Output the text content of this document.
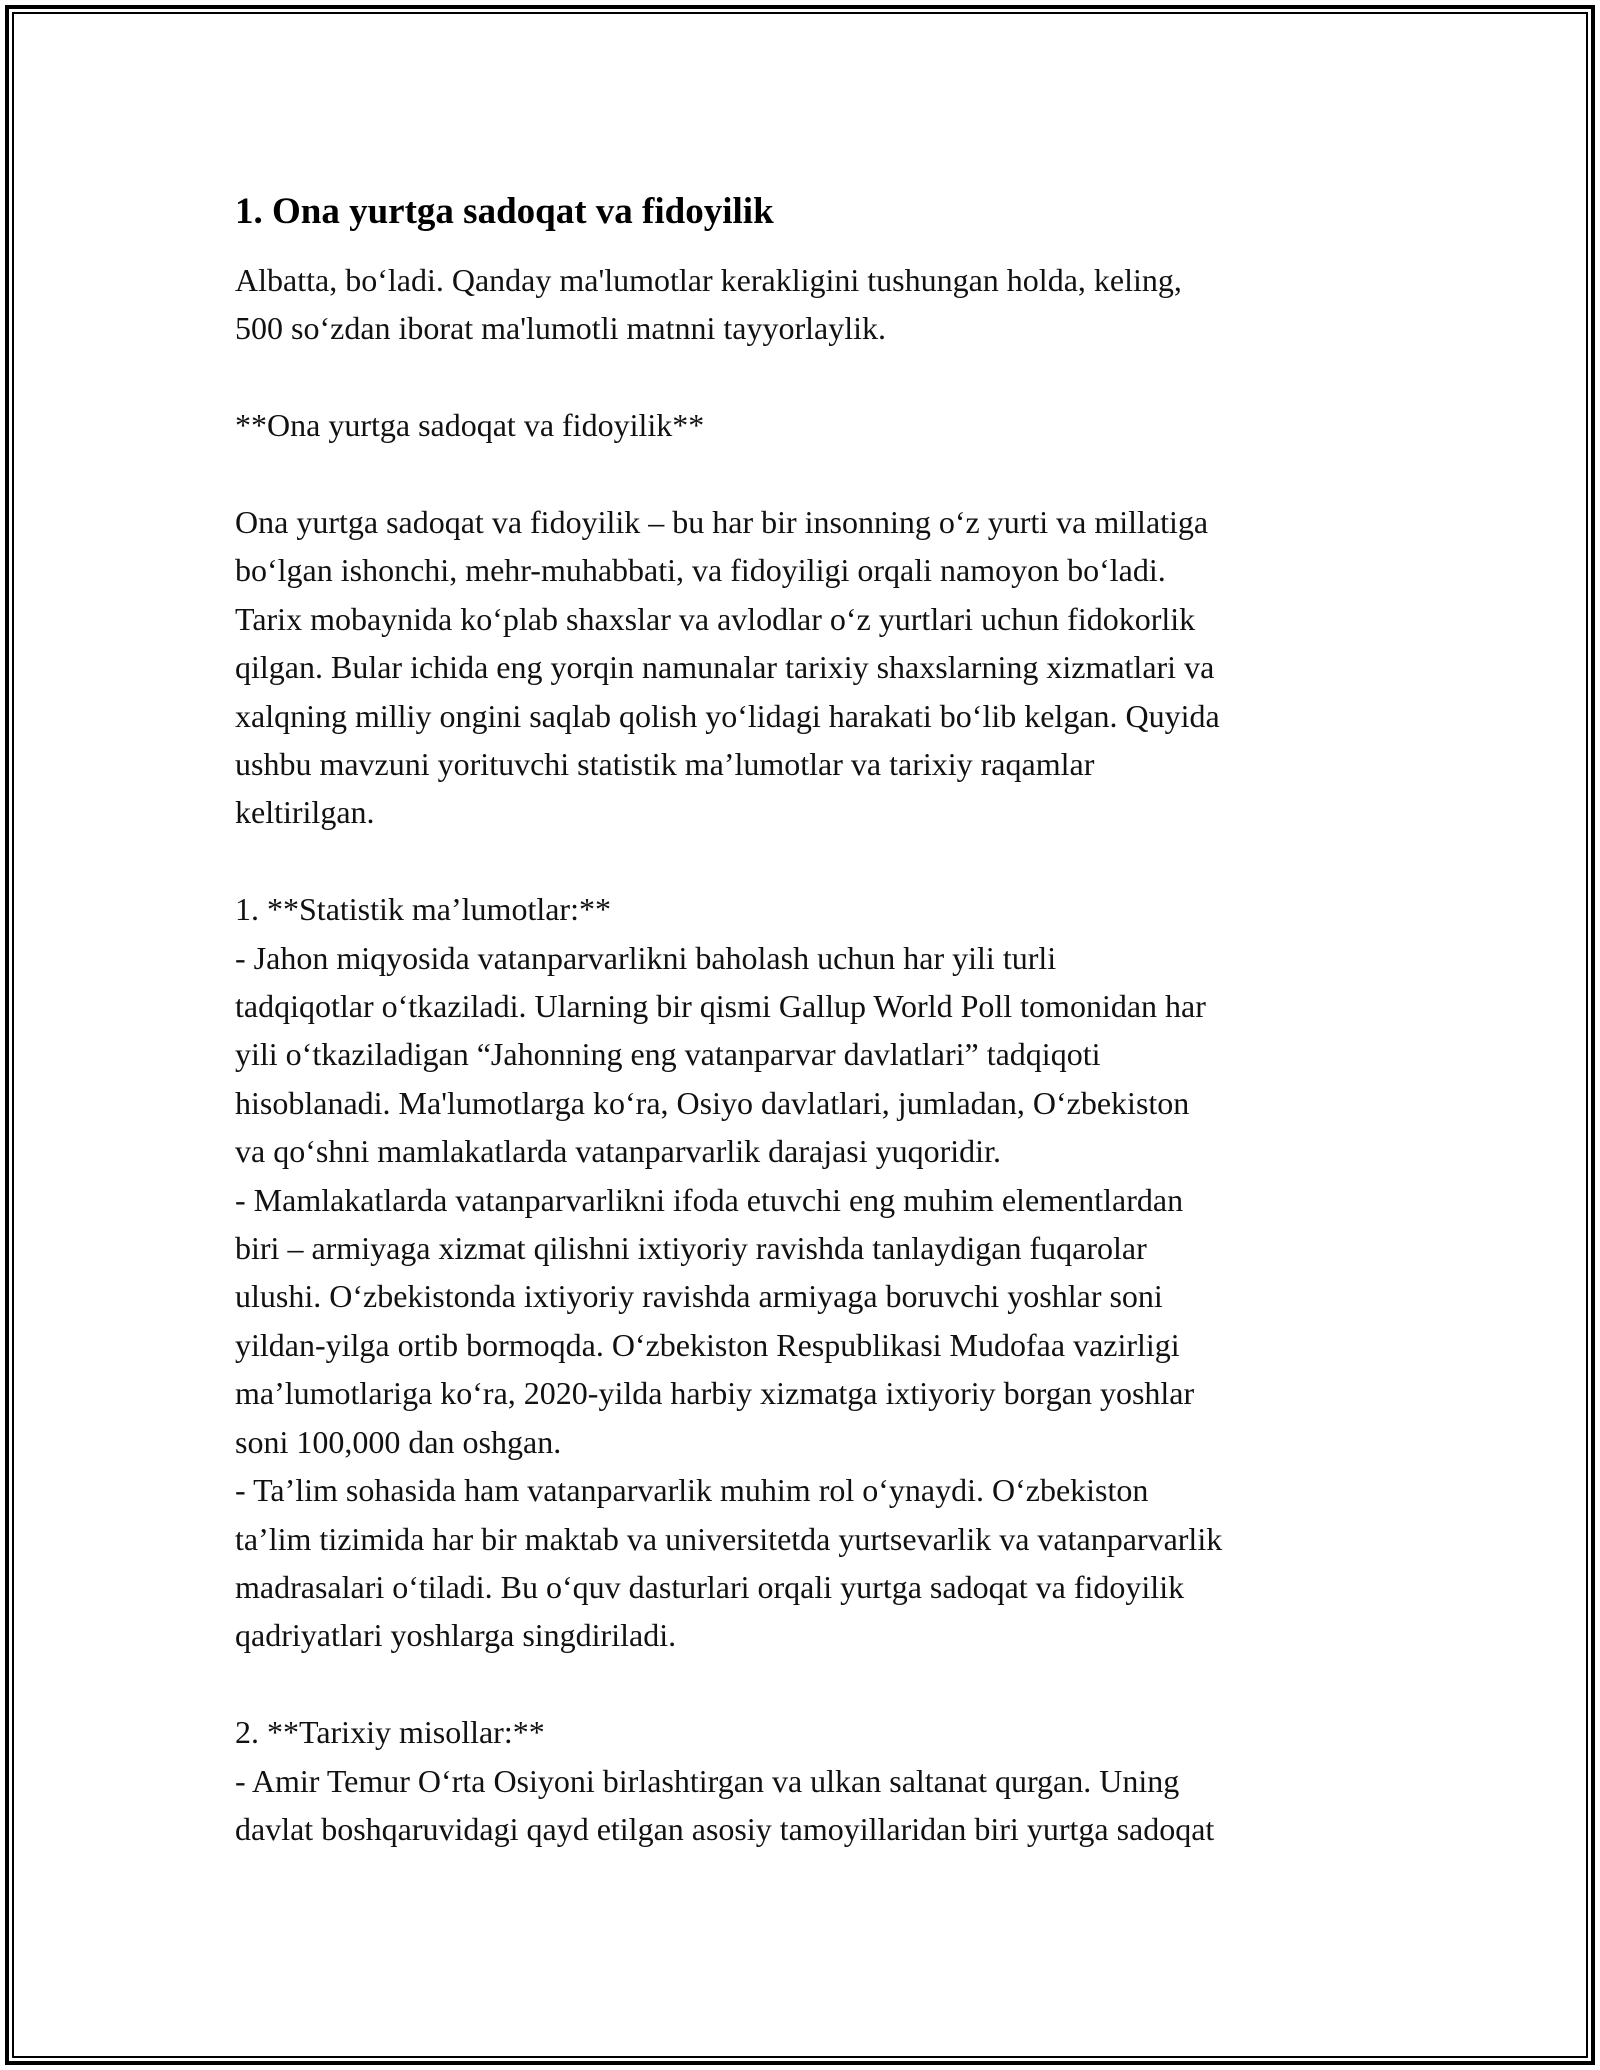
1. Ona yurtga sadoqat va fidoyilik

Albatta, bo‘ladi. Qanday ma'lumotlar kerakligini tushungan holda, keling,
500 so‘zdan iborat ma'lumotli matnni tayyorlaylik.

**Ona yurtga sadoqat va fidoyilik**

Ona yurtga sadoqat va fidoyilik – bu har bir insonning o‘z yurti va millatiga
bo‘lgan ishonchi, mehr-muhabbati, va fidoyiligi orqali namoyon bo‘ladi.
Tarix mobaynida ko‘plab shaxslar va avlodlar o‘z yurtlari uchun fidokorlik
qilgan. Bular ichida eng yorqin namunalar tarixiy shaxslarning xizmatlari va
xalqning milliy ongini saqlab qolish yo‘lidagi harakati bo‘lib kelgan. Quyida
ushbu mavzuni yorituvchi statistik ma’lumotlar va tarixiy raqamlar
keltirilgan.

1. **Statistik ma’lumotlar:**
- Jahon miqyosida vatanparvarlikni baholash uchun har yili turli
tadqiqotlar o‘tkaziladi. Ularning bir qismi Gallup World Poll tomonidan har
yili o‘tkaziladigan “Jahonning eng vatanparvar davlatlari” tadqiqoti
hisoblanadi. Ma'lumotlarga ko‘ra, Osiyo davlatlari, jumladan, O‘zbekiston
va qo‘shni mamlakatlarda vatanparvarlik darajasi yuqoridir.
- Mamlakatlarda vatanparvarlikni ifoda etuvchi eng muhim elementlardan
biri – armiyaga xizmat qilishni ixtiyoriy ravishda tanlaydigan fuqarolar
ulushi. O‘zbekistonda ixtiyoriy ravishda armiyaga boruvchi yoshlar soni
yildan-yilga ortib bormoqda. O‘zbekiston Respublikasi Mudofaa vazirligi
ma’lumotlariga ko‘ra, 2020-yilda harbiy xizmatga ixtiyoriy borgan yoshlar
soni 100,000 dan oshgan.
- Ta’lim sohasida ham vatanparvarlik muhim rol o‘ynaydi. O‘zbekiston
ta’lim tizimida har bir maktab va universitetda yurtsevarlik va vatanparvarlik
madrasalari o‘tiladi. Bu o‘quv dasturlari orqali yurtga sadoqat va fidoyilik
qadriyatlari yoshlarga singdiriladi.

2. **Tarixiy misollar:**
- Amir Temur O‘rta Osiyoni birlashtirgan va ulkan saltanat qurgan. Uning
davlat boshqaruvidagi qayd etilgan asosiy tamoyillaridan biri yurtga sadoqat
